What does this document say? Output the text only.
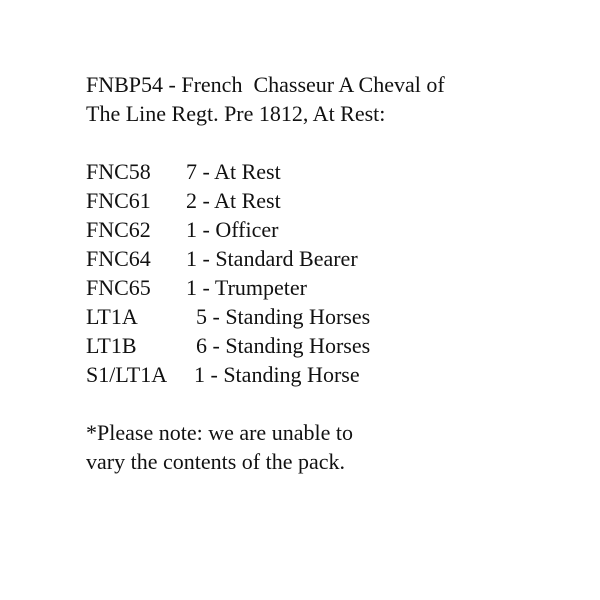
FNBP54 - French  Chasseur A Cheval of
The Line Regt. Pre 1812, At Rest:
FNC58 7 - At Rest
FNC61 2 - At Rest
FNC62 1 - Officer
FNC64 1 - Standard Bearer
FNC65 1 - Trumpeter
LT1A	5 - Standing Horses
LT1B	6 - Standing Horses
S1/LT1A 1 - Standing Horse
*Please note: we are unable to
vary the contents of the pack.
